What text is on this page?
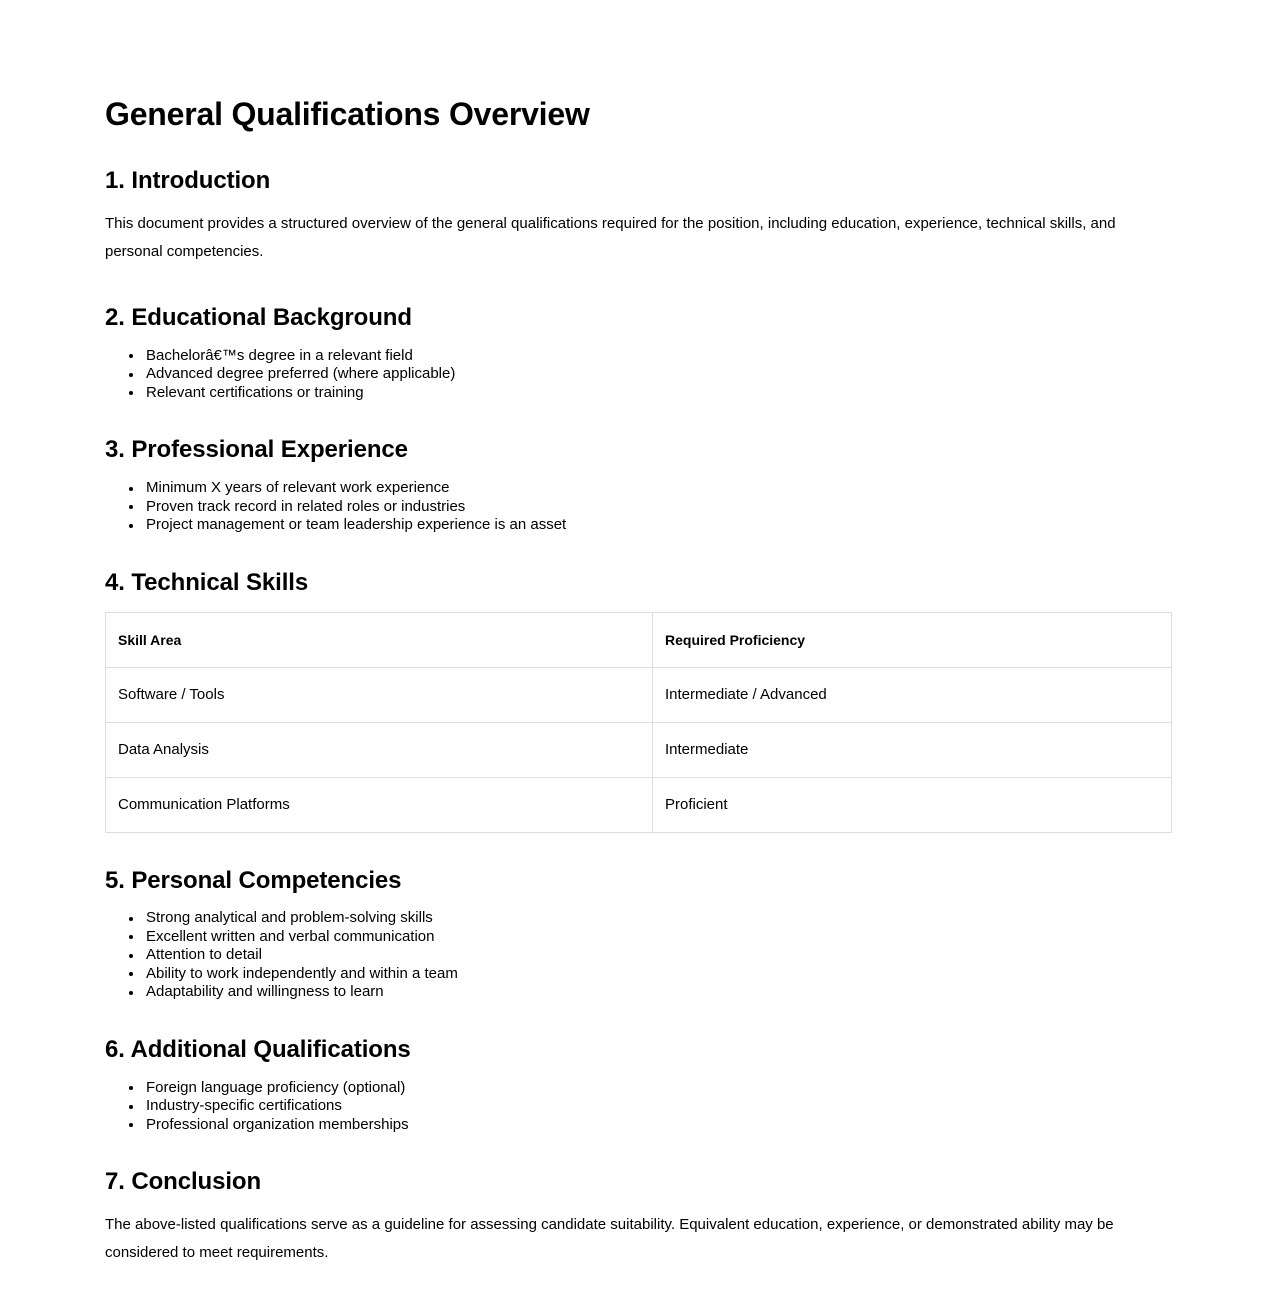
General Qualifications Overview
1. Introduction

This document provides a structured overview of the general qualifications required for the position, including education, experience, technical skills, and personal competencies.

2. Educational Background
Bachelorâ€™s degree in a relevant field
Advanced degree preferred (where applicable)
Relevant certifications or training
3. Professional Experience
Minimum X years of relevant work experience
Proven track record in related roles or industries
Project management or team leadership experience is an asset
4. Technical Skills
Skill Area	Required Proficiency
Software / Tools	Intermediate / Advanced
Data Analysis	Intermediate
Communication Platforms	Proficient
5. Personal Competencies
Strong analytical and problem-solving skills
Excellent written and verbal communication
Attention to detail
Ability to work independently and within a team
Adaptability and willingness to learn
6. Additional Qualifications
Foreign language proficiency (optional)
Industry-specific certifications
Professional organization memberships
7. Conclusion

The above-listed qualifications serve as a guideline for assessing candidate suitability. Equivalent education, experience, or demonstrated ability may be considered to meet requirements.
